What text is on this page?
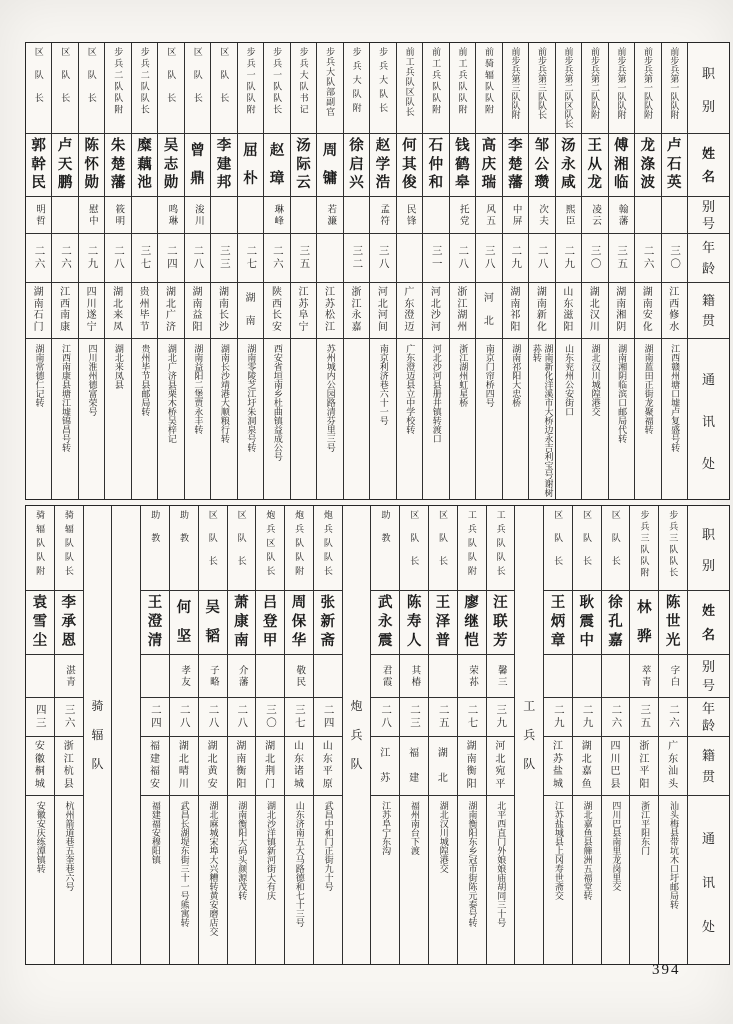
职
别
姓
名
别
号
年
龄
籍
贯
通
讯
处
前步兵第一队队附
卢
石
英
三〇
江
西
修
水
江西赣州塘口墟卢复盛号转
前步兵第一队队附
龙
涤
波
二六
湖
南
安
化
湖南蓝田正街龙聚福转
前步兵第一队队附
傅
湘
临
翰藩
三五
湖
南
湘
阴
湖南湘阴临滨口邮局代转
前步兵第二队队附
王
从
龙
凌云
三〇
湖
北
汉
川
湖北汉川城隍港交
前步兵第二队区队长
汤
永
咸
熙臣
二九
山
东
滋
阳
山东兖州公安街口
前步兵第三队队长
邹
公
瓒
次夫
二八
湖
南
新
化
湖南新化洋溪市大桥边永吉利宝号谢树荪转
前步兵第三队队附
李
楚
藩
中屏
二九
湖
南
祁
阳
湖南祁阳大忠桥
前骑辐队队附
高
庆
瑞
风五
三八
河
北
南京门帘桥四号
前工兵队队附
钱
鹤
皋
托党
二八
浙
江
湖
州
浙江湖州虹星桥
前工兵队队附
石
仲
和
三一
河
北
沙
河
河北沙河县册井镇转渡口
前工兵队区队长
何
其
俊
民锋
广
东
澄
迈
广东澄迈县立中学校转
步兵大队长
赵
学
浩
孟符
三八
河
北
河
间
南京利济巷六十一号
步兵大队附
徐
启
兴
三二
浙
江
永
嘉
步兵大队部副官
周
镛
若濂
江
苏
松
江
苏州城内公园路清芬里三号
步兵大队书记
汤
际
云
三五
江
苏
阜
宁
步兵一队队长
赵
璋
琳峰
二六
陕
西
长
安
西安省垣南乡杜曲镇益成公号
步兵一队队附
屈
朴
二七
湖
南
湖南零陵芝江圩朱洞泉号转
区队长
李
建
邦
三三
湖
南
长
沙
湖南长沙靖港大顺粮行转
区队长
曾
鼎
浚川
二八
湖
南
益
阳
湖南益阳二堡贾永丰转
区队长
吴
志
勋
鸣琳
二四
湖
北
广
济
湖北广济县栗木桥吴梓记
步兵二队队长
糜
藕
池
三七
贵
州
毕
节
贵州毕节县邮局转
步兵二队队附
朱
楚
藩
筱明
二八
湖
北
来
凤
湖北来凤县
区队长
陈
怀
勋
慰中
二九
四
川
遂
宁
四川淮州德富荣号
区队长
卢
天
鹏
二六
江
西
南
康
江西南康县塘江墟锦昌号转
区队长
郭
幹
民
明哲
二六
湖
南
石
门
湖南常德仁记转
职
别
姓
名
别
号
年
龄
籍
贯
通
讯
处
步兵三队队长
陈
世
光
字白
二六
广
东
汕
头
汕头梅县带坑木口圩邮局转
步兵三队队附
林
骅
萃青
三五
浙
江
平
阳
浙江平阳东门
区队长
徐
孔
嘉
二六
四
川
巴
县
四川巴县南里龙岗里交
区队长
耿
震
中
二九
湖
北
嘉
鱼
湖北嘉鱼县簰洲五福堂转
区队长
王
炳
章
二九
江
苏
盐
城
江苏盐城县上冈寿世斋交
工
兵
队
工兵队队长
汪
联
芳
馨三
三九
河
北
宛
平
北平西直门外娘娘庙胡同三十号
工兵队队附
廖
继
恺
荣荪
二七
湖
南
衡
阳
湖南衡阳东乡冠市街陈元泰号转
区队长
王
泽
普
二五
湖
北
湖北汉川城隍港交
区队长
陈
寿
人
其椿
二三
福
建
福州南台下渡
助教
武
永
震
君霞
二八
江
苏
江苏阜宁东沟
炮
兵
队
炮兵队队长
张
新
斋
二四
山
东
平
原
武昌中和门正街九十号
炮兵队队附
周
保
华
敬民
三七
山
东
诸
城
山东济南五大马路德和七十三号
炮兵区队长
吕
登
甲
三〇
湖
北
荆
门
湖北沙洋镇新河街大有庆
区队长
萧
康
南
介藩
二八
湖
南
衡
阳
湖南衡阳大码头颜源茂转
区队长
吴
韬
子略
二八
湖
北
黄
安
湖北麻城宋埠大兴糟转黄安磨店交
助教
何
坚
孝友
二八
湖
北
晴
川
武昌长湖堤东街三十一号熊寓转
助教
王
澄
清
二四
福
建
福
安
福建福安穆阳镇
骑
辐
队
骑辐队队长
李
承
恩
湛青
三六
浙
江
杭
县
杭州箭道巷五奎巷六号
骑辐队队附
袁
雪
尘
四三
安
徽
桐
城
安徽安庆练潭镇转
394
